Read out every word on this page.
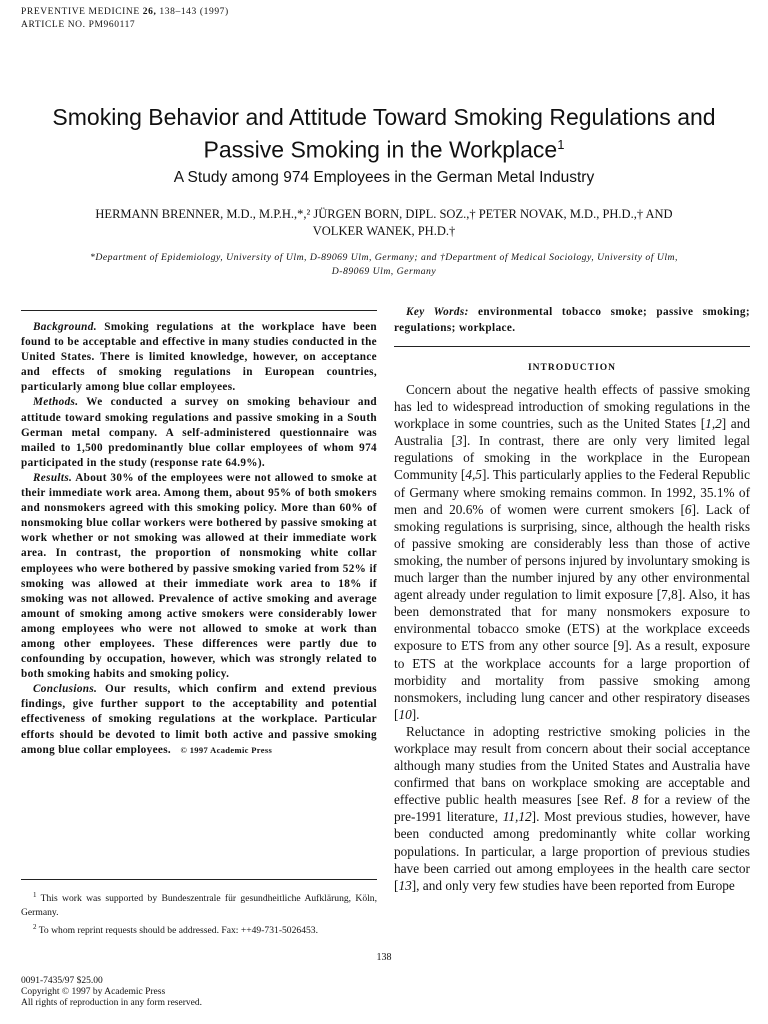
PREVENTIVE MEDICINE 26, 138–143 (1997)
ARTICLE NO. PM960117
Smoking Behavior and Attitude Toward Smoking Regulations and
Passive Smoking in the Workplace$^1$
A Study among 974 Employees in the German Metal Industry
HERMANN BRENNER, M.D., M.P.H.,*,² JÜRGEN BORN, DIPL. SOZ.,† PETER NOVAK, M.D., PH.D.,† AND
VOLKER WANEK, PH.D.†
*Department of Epidemiology, University of Ulm, D-89069 Ulm, Germany; and †Department of Medical Sociology, University of Ulm,
D-89069 Ulm, Germany

Background. Smoking regulations at the workplace have been found to be acceptable and effective in many studies conducted in the United States. There is limited knowledge, however, on acceptance and effects of smoking regulations in European countries, particularly among blue collar employees.

Methods. We conducted a survey on smoking behaviour and attitude toward smoking regulations and passive smoking in a South German metal company. A self-administered questionnaire was mailed to 1,500 predominantly blue collar employees of whom 974 participated in the study (response rate 64.9%).

Results. About 30% of the employees were not allowed to smoke at their immediate work area. Among them, about 95% of both smokers and nonsmokers agreed with this smoking policy. More than 60% of nonsmoking blue collar workers were bothered by passive smoking at work whether or not smoking was allowed at their immediate work area. In contrast, the proportion of nonsmoking white collar employees who were bothered by passive smoking varied from 52% if smoking was allowed at their immediate work area to 18% if smoking was not allowed. Prevalence of active smoking and average amount of smoking among active smokers were considerably lower among employees who were not allowed to smoke at work than among other employees. These differences were partly due to confounding by occupation, however, which was strongly related to both smoking habits and smoking policy.

Conclusions. Our results, which confirm and extend previous findings, give further support to the acceptability and potential effectiveness of smoking regulations at the workplace. Particular efforts should be devoted to limit both active and passive smoking among blue collar employees. © 1997 Academic Press

$^1$ This work was supported by Bundeszentrale für gesundheitliche Aufklärung, Köln, Germany.

$^2$ To whom reprint requests should be addressed. Fax: ++49-731-5026453.

Key Words: environmental tobacco smoke; passive smoking; regulations; workplace.

INTRODUCTION

Concern about the negative health effects of passive smoking has led to widespread introduction of smoking regulations in the workplace in some countries, such as the United States [1,2] and Australia [3]. In contrast, there are only very limited legal regulations of smoking in the workplace in the European Community [4,5]. This particularly applies to the Federal Republic of Germany where smoking remains common. In 1992, 35.1% of men and 20.6% of women were current smokers [6]. Lack of smoking regulations is surprising, since, although the health risks of passive smoking are considerably less than those of active smoking, the number of persons injured by involuntary smoking is much larger than the number injured by any other environmental agent already under regulation to limit exposure [7,8]. Also, it has been demonstrated that for many nonsmokers exposure to environmental tobacco smoke (ETS) at the workplace exceeds exposure to ETS from any other source [9]. As a result, exposure to ETS at the workplace accounts for a large proportion of morbidity and mortality from passive smoking among nonsmokers, including lung cancer and other respiratory diseases [10].

Reluctance in adopting restrictive smoking policies in the workplace may result from concern about their social acceptance although many studies from the United States and Australia have confirmed that bans on workplace smoking are acceptable and effective public health measures [see Ref. 8 for a review of the pre-1991 literature, 11,12]. Most previous studies, however, have been conducted among predominantly white collar working populations. In particular, a large proportion of previous studies have been carried out among employees in the health care sector [13], and only very few studies have been reported from Europe

138
0091-7435/97 $25.00
Copyright © 1997 by Academic Press
All rights of reproduction in any form reserved.
